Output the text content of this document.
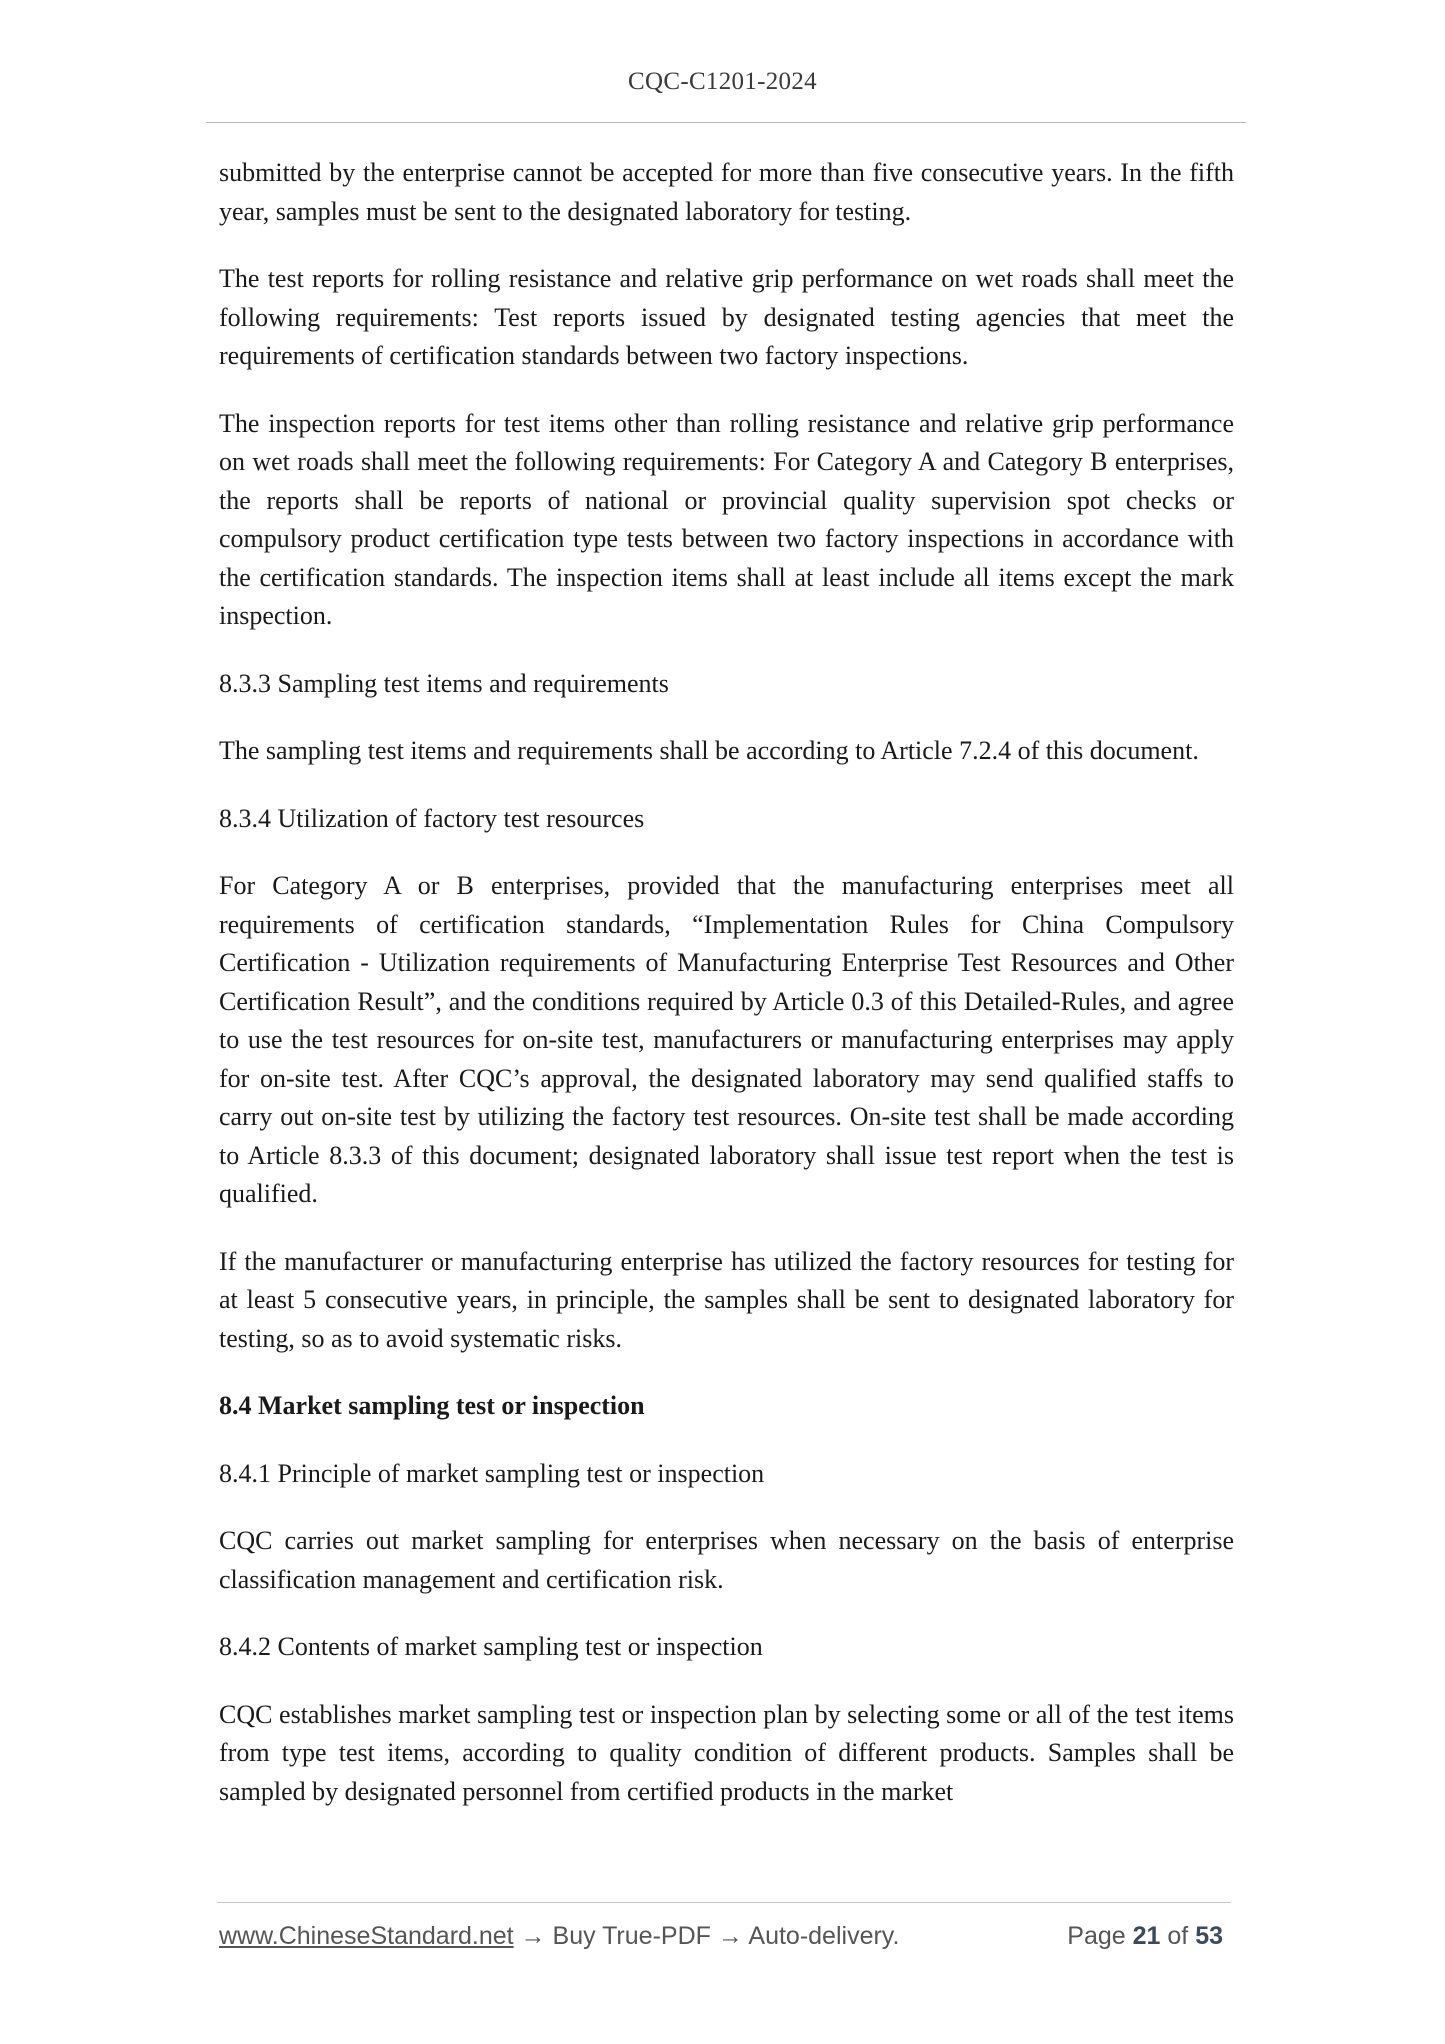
CQC-C1201-2024

submitted by the enterprise cannot be accepted for more than five consecutive years. In the fifth year, samples must be sent to the designated laboratory for testing.

The test reports for rolling resistance and relative grip performance on wet roads shall meet the following requirements: Test reports issued by designated testing agencies that meet the requirements of certification standards between two factory inspections.

The inspection reports for test items other than rolling resistance and relative grip performance on wet roads shall meet the following requirements: For Category A and Category B enterprises, the reports shall be reports of national or provincial quality supervision spot checks or compulsory product certification type tests between two factory inspections in accordance with the certification standards. The inspection items shall at least include all items except the mark inspection.

8.3.3 Sampling test items and requirements

The sampling test items and requirements shall be according to Article 7.2.4 of this document.

8.3.4 Utilization of factory test resources

For Category A or B enterprises, provided that the manufacturing enterprises meet all requirements of certification standards, “Implementation Rules for China Compulsory Certification - Utilization requirements of Manufacturing Enterprise Test Resources and Other Certification Result”, and the conditions required by Article 0.3 of this Detailed-Rules, and agree to use the test resources for on-site test, manufacturers or manufacturing enterprises may apply for on-site test. After CQC’s approval, the designated laboratory may send qualified staffs to carry out on-site test by utilizing the factory test resources. On-site test shall be made according to Article 8.3.3 of this document; designated laboratory shall issue test report when the test is qualified.

If the manufacturer or manufacturing enterprise has utilized the factory resources for testing for at least 5 consecutive years, in principle, the samples shall be sent to designated laboratory for testing, so as to avoid systematic risks.

8.4 Market sampling test or inspection

8.4.1 Principle of market sampling test or inspection

CQC carries out market sampling for enterprises when necessary on the basis of enterprise classification management and certification risk.

8.4.2 Contents of market sampling test or inspection

CQC establishes market sampling test or inspection plan by selecting some or all of the test items from type test items, according to quality condition of different products. Samples shall be sampled by designated personnel from certified products in the market

www.ChineseStandard.net → Buy True-PDF → Auto-delivery.	Page 21 of 53
